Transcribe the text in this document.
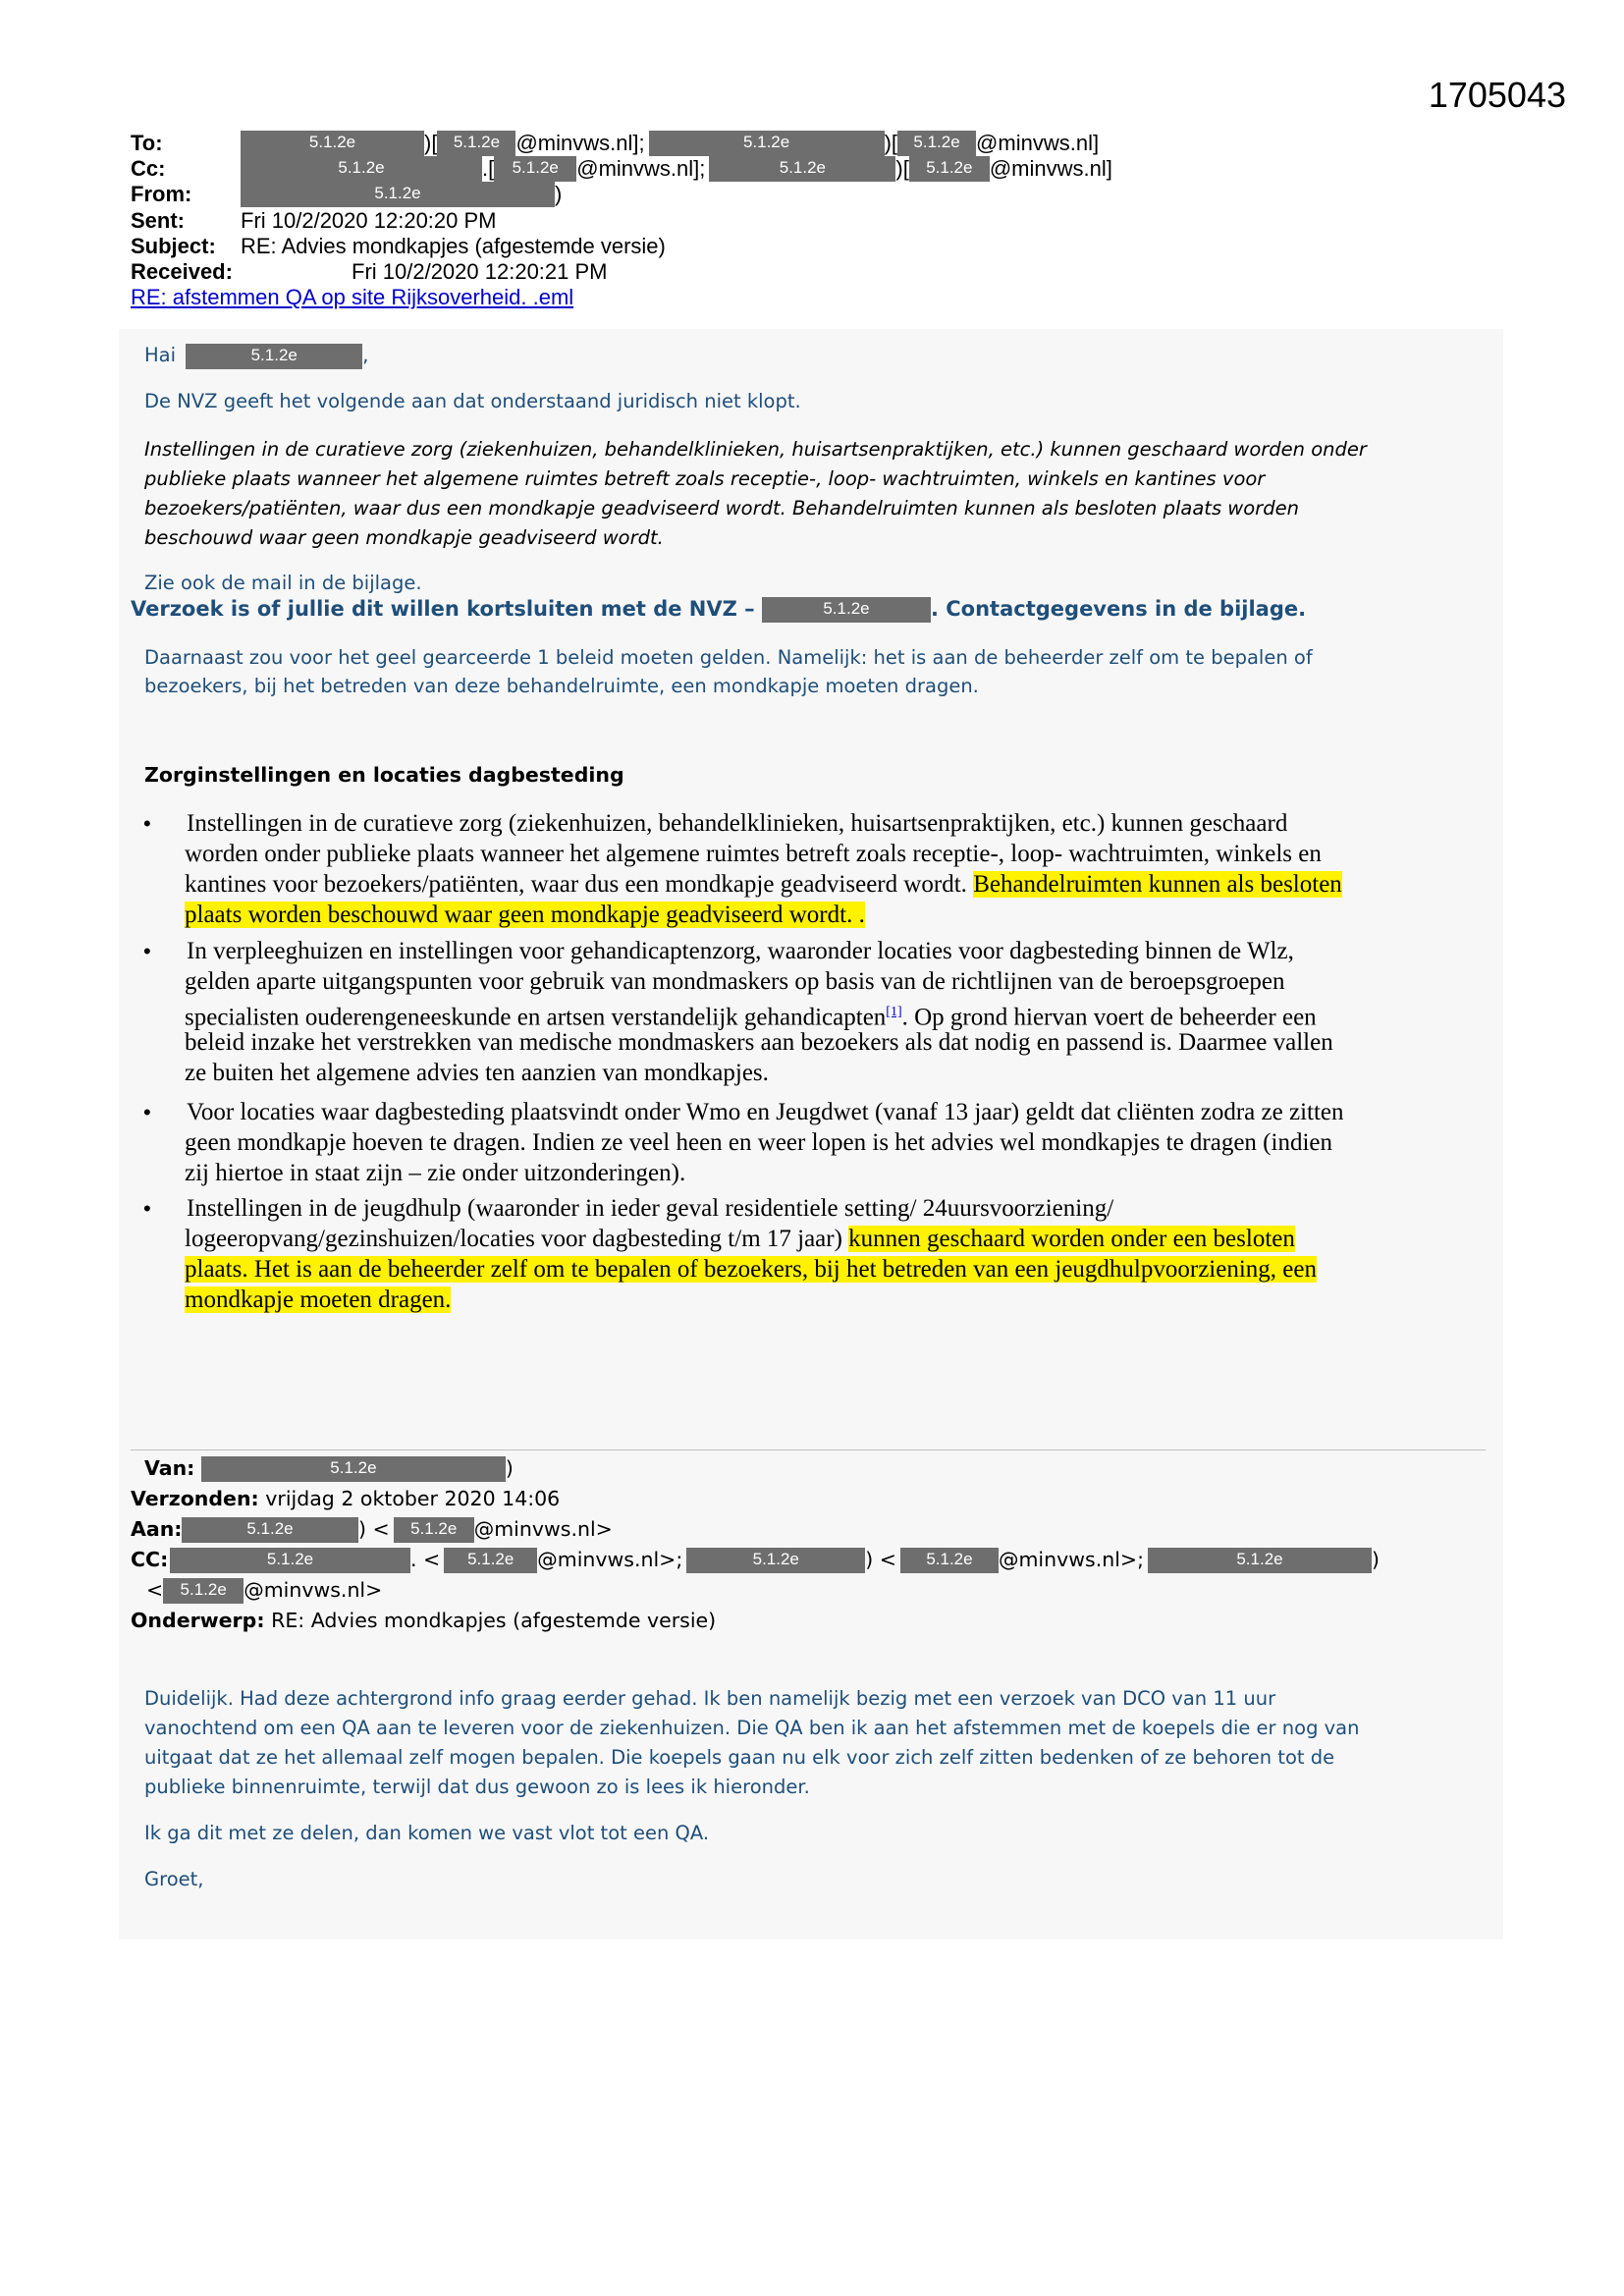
1705043
To:	5.1.2e	)[ 5.1.2e @minvws.nl];	5.1.2e	)[ 5.1.2e @minvws.nl]
Cc:	5.1.2e	.[ 5.1.2e @minvws.nl];	5.1.2e	)[ 5.1.2e @minvws.nl]
From:	5.1.2e	)
Sent:	Fri 10/2/2020 12:20:20 PM
Subject: RE: Advies mondkapjes (afgestemde versie)
Received:	Fri 10/2/2020 12:20:21 PM
RE: afstemmen QA op site Rijksoverheid. .eml
Hai	5.1.2e	,
De NVZ geeft het volgende aan dat onderstaand juridisch niet klopt.
Instellingen in de curatieve zorg (ziekenhuizen, behandelklinieken, huisartsenpraktijken, etc.) kunnen geschaard worden onder
publieke plaats wanneer het algemene ruimtes betreft zoals receptie-, loop- wachtruimten, winkels en kantines voor
bezoekers/patiënten, waar dus een mondkapje geadviseerd wordt. Behandelruimten kunnen als besloten plaats worden
beschouwd waar geen mondkapje geadviseerd wordt.
Zie ook de mail in de bijlage.
Verzoek is of jullie dit willen kortsluiten met de NVZ –	5.1.2e	. Contactgegevens in de bijlage.
Daarnaast zou voor het geel gearceerde 1 beleid moeten gelden. Namelijk: het is aan de beheerder zelf om te bepalen of
bezoekers, bij het betreden van deze behandelruimte, een mondkapje moeten dragen.
Zorginstellingen en locaties dagbesteding
• Instellingen in de curatieve zorg (ziekenhuizen, behandelklinieken, huisartsenpraktijken, etc.) kunnen geschaard
worden onder publieke plaats wanneer het algemene ruimtes betreft zoals receptie-, loop- wachtruimten, winkels en
kantines voor bezoekers/patiënten, waar dus een mondkapje geadviseerd wordt. Behandelruimten kunnen als besloten
plaats worden beschouwd waar geen mondkapje geadviseerd wordt. .
• In verpleeghuizen en instellingen voor gehandicaptenzorg, waaronder locaties voor dagbesteding binnen de Wlz,
gelden aparte uitgangspunten voor gebruik van mondmaskers op basis van de richtlijnen van de beroepsgroepen
specialisten ouderengeneeskunde en artsen verstandelijk gehandicapten[1]. Op grond hiervan voert de beheerder een
beleid inzake het verstrekken van medische mondmaskers aan bezoekers als dat nodig en passend is. Daarmee vallen
ze buiten het algemene advies ten aanzien van mondkapjes.
• Voor locaties waar dagbesteding plaatsvindt onder Wmo en Jeugdwet (vanaf 13 jaar) geldt dat cliënten zodra ze zitten
geen mondkapje hoeven te dragen. Indien ze veel heen en weer lopen is het advies wel mondkapjes te dragen (indien
zij hiertoe in staat zijn – zie onder uitzonderingen).
• Instellingen in de jeugdhulp (waaronder in ieder geval residentiele setting/ 24uursvoorziening/
logeeropvang/gezinshuizen/locaties voor dagbesteding t/m 17 jaar) kunnen geschaard worden onder een besloten
plaats. Het is aan de beheerder zelf om te bepalen of bezoekers, bij het betreden van een jeugdhulpvoorziening, een
mondkapje moeten dragen.
Van:	5.1.2e	)
Verzonden: vrijdag 2 oktober 2020 14:06
Aan:	5.1.2e	) < 5.1.2e @minvws.nl>
CC:	5.1.2e	. < 5.1.2e @minvws.nl>;	5.1.2e	) < 5.1.2e @minvws.nl>;	5.1.2e	)
< 5.1.2e @minvws.nl>
Onderwerp: RE: Advies mondkapjes (afgestemde versie)
Duidelijk. Had deze achtergrond info graag eerder gehad. Ik ben namelijk bezig met een verzoek van DCO van 11 uur
vanochtend om een QA aan te leveren voor de ziekenhuizen. Die QA ben ik aan het afstemmen met de koepels die er nog van
uitgaat dat ze het allemaal zelf mogen bepalen. Die koepels gaan nu elk voor zich zelf zitten bedenken of ze behoren tot de
publieke binnenruimte, terwijl dat dus gewoon zo is lees ik hieronder.
Ik ga dit met ze delen, dan komen we vast vlot tot een QA.
Groet,
